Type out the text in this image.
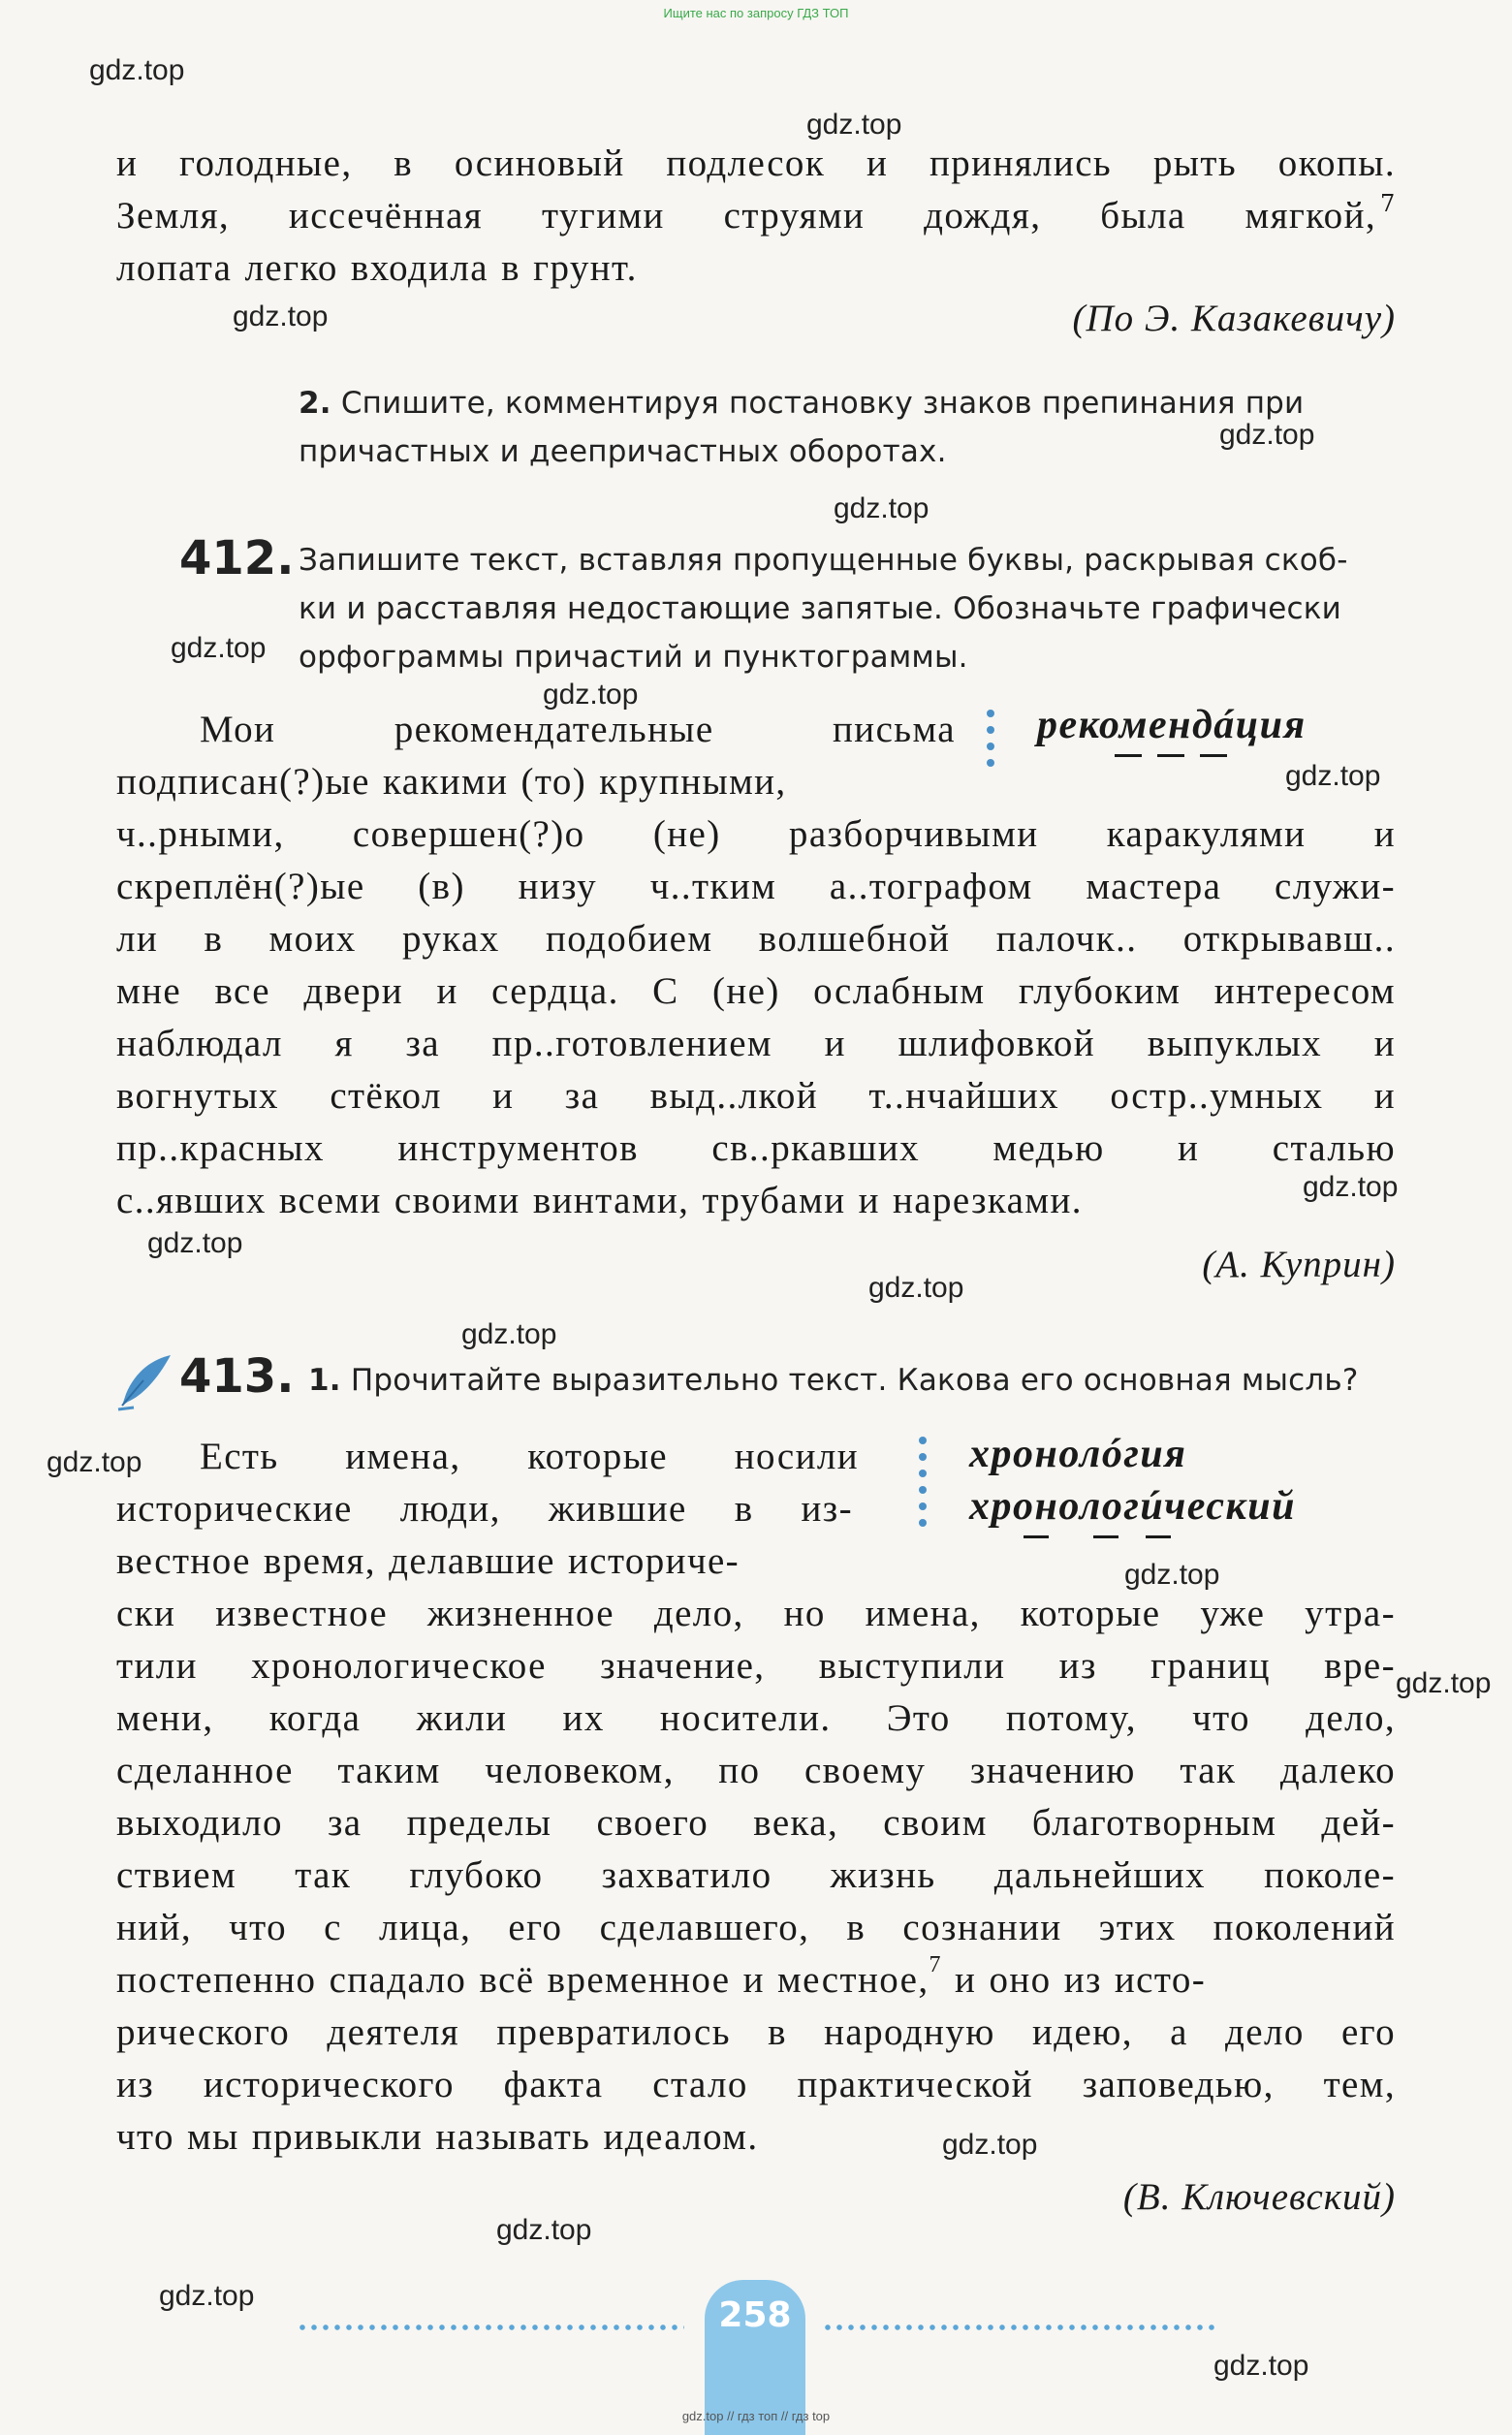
Ищите нас по запросу ГДЗ ТОП
gdz.top
gdz.top
gdz.top
gdz.top
gdz.top
gdz.top
gdz.top
gdz.top
gdz.top
gdz.top
gdz.top
gdz.top
gdz.top
gdz.top
gdz.top
gdz.top
gdz.top
gdz.top
gdz.top
и голодные, в осиновый подлесок и принялись рыть окопы.
Земля, иссечённая тугими струями дождя, была мягкой, 7
лопата легко входила в грунт.
(По Э. Казакевичу)
2. Спишите, комментируя постановку знаков препинания при
причастных и деепричастных оборотах.
412. Запишите текст, вставляя пропущенные буквы, раскрывая скоб-
ки и расставляя недостающие запятые. Обозначьте графически
орфограммы причастий и пунктограммы.
Мои рекомендательные письма рекомендáция
подписан(?)ые какими (то) крупными,
ч..рными, совершен(?)о (не) разборчивыми каракулями и
скреплён(?)ые (в) низу ч..тким а..тографом мастера служи-
ли в моих руках подобием волшебной палочк.. открывавш..
мне все двери и сердца. С (не) ослабным глубоким интересом
наблюдал я за пр..готовлением и шлифовкой выпуклых и
вогнутых стёкол и за выд..лкой т..нчайших остр..умных и
пр..красных инструментов св..ркавших медью и сталью
с..явших всеми своими винтами, трубами и нарезками.
(А. Куприн)
413. 1. Прочитайте выразительно текст. Какова его основная мысль?
Есть имена, которые носили	хронолóгия
хронологúческий
исторические люди, жившие в из-
вестное время, делавшие историче-
ски известное жизненное дело, но имена, которые уже утра-
тили хронологическое значение, выступили из границ вре-
мени, когда жили их носители. Это потому, что дело,
сделанное таким человеком, по своему значению так далеко
выходило за пределы своего века, своим благотворным дей-
ствием так глубоко захватило жизнь дальнейших поколе-
ний, что с лица, его сделавшего, в сознании этих поколений
постепенно спадало всё временное и местное,$^7$ и оно из исто-
рического деятеля превратилось в народную идею, а дело его
из исторического факта стало практической заповедью, тем,
что мы привыкли называть идеалом.
(В. Ключевский)
258
gdz.top // гдз топ // гдз top
